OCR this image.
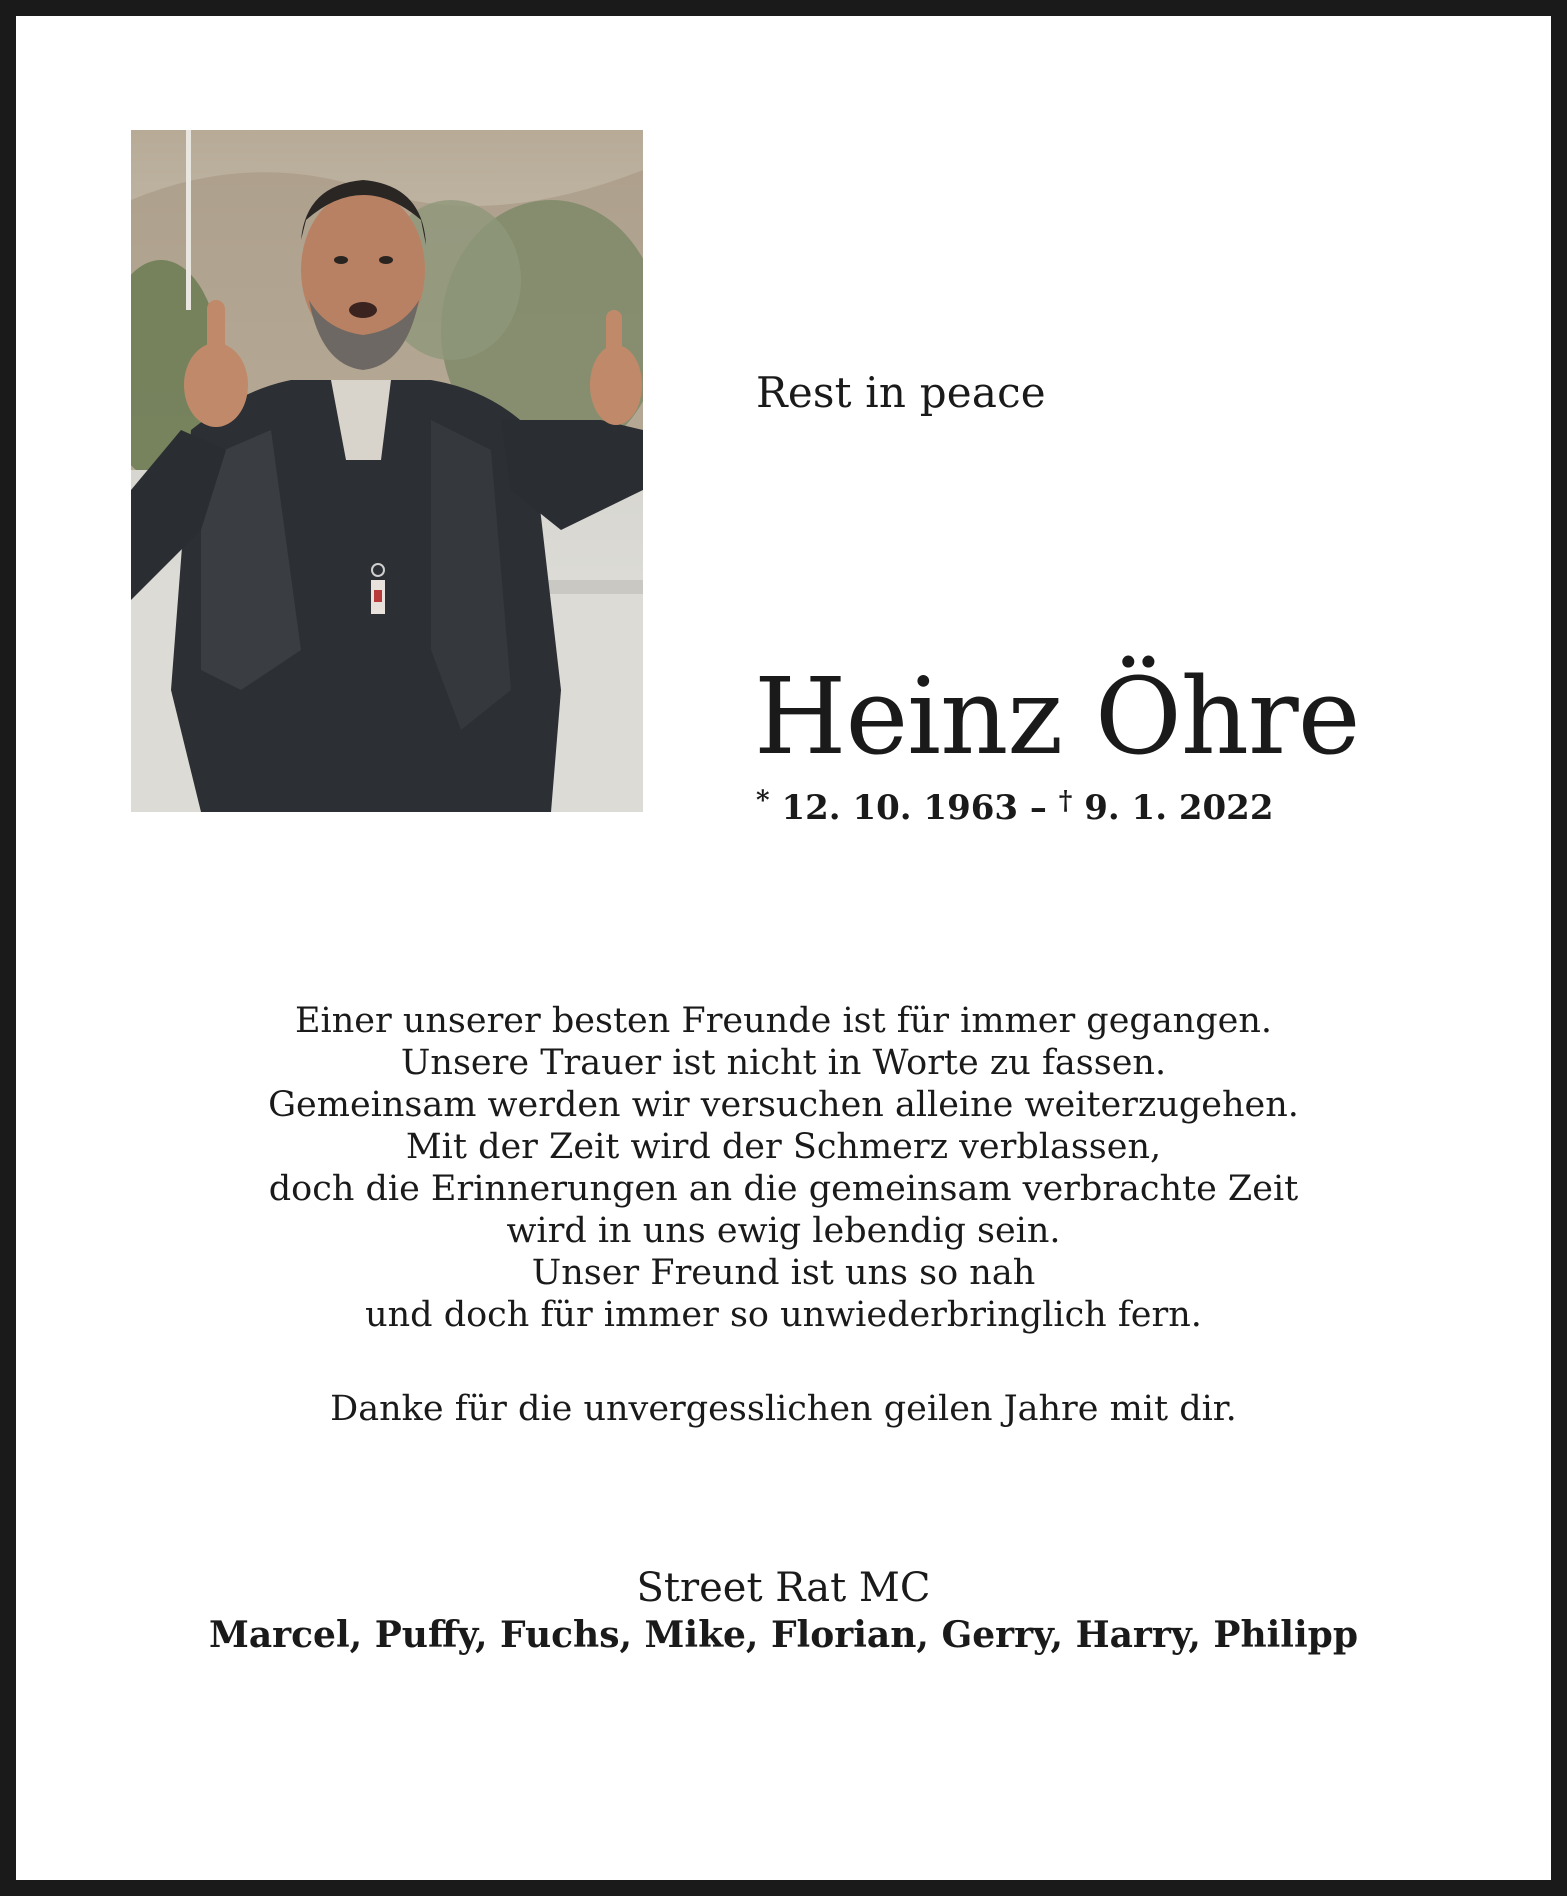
Rest in peace
Heinz Öhre
* 12. 10. 1963 – † 9. 1. 2022
Einer unserer besten Freunde ist für immer gegangen.
Unsere Trauer ist nicht in Worte zu fassen.
Gemeinsam werden wir versuchen alleine weiterzugehen.
Mit der Zeit wird der Schmerz verblassen,
doch die Erinnerungen an die gemeinsam verbrachte Zeit
wird in uns ewig lebendig sein.
Unser Freund ist uns so nah
und doch für immer so unwiederbringlich fern.
Danke für die unvergesslichen geilen Jahre mit dir.
Street Rat MC
Marcel, Puffy, Fuchs, Mike, Florian, Gerry, Harry, Philipp
